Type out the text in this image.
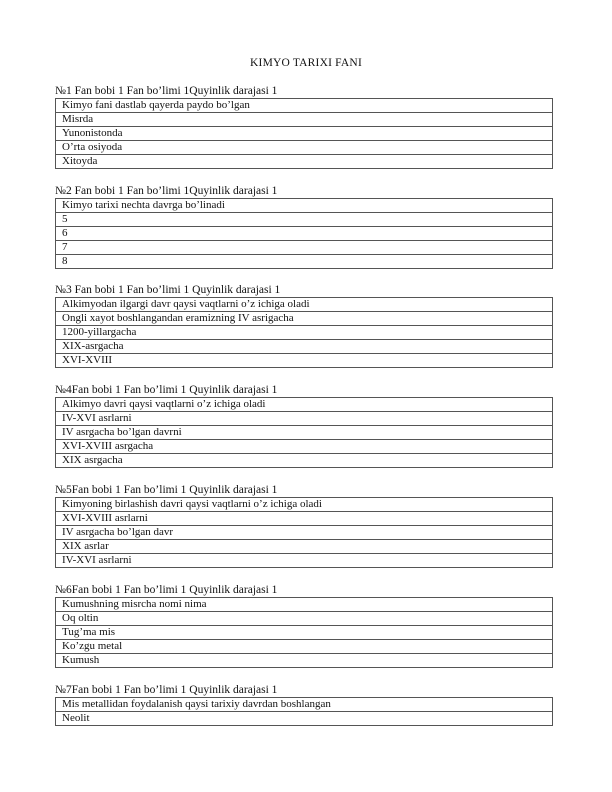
KIMYO TARIXI FANI
№1 Fan bobi 1 Fan bo’limi 1Quyinlik darajasi 1
Kimyo fani dastlab qayerda paydo bo’lgan
Misrda
Yunonistonda
O’rta osiyoda
Xitoyda
№2 Fan bobi 1 Fan bo’limi 1Quyinlik darajasi 1
Kimyo tarixi nechta davrga bo’linadi
5
6
7
8
№3 Fan bobi 1 Fan bo’limi 1 Quyinlik darajasi 1
Alkimyodan ilgargi davr qaysi vaqtlarni o’z ichiga oladi
Ongli xayot boshlangandan eramizning IV asrigacha
1200-yillargacha
XIX-asrgacha
XVI-XVIII
№4Fan bobi 1 Fan bo’limi 1 Quyinlik darajasi 1
Alkimyo davri qaysi vaqtlarni o’z ichiga oladi
IV-XVI asrlarni
IV asrgacha bo’lgan davrni
XVI-XVIII asrgacha
XIX asrgacha
№5Fan bobi 1 Fan bo’limi 1 Quyinlik darajasi 1
Kimyoning birlashish davri qaysi vaqtlarni o’z ichiga oladi
XVI-XVIII asrlarni
IV asrgacha bo’lgan davr
XIX asrlar
IV-XVI asrlarni
№6Fan bobi 1 Fan bo’limi 1 Quyinlik darajasi 1
Kumushning misrcha nomi nima
Oq oltin
Tug’ma mis
Ko’zgu metal
Kumush
№7Fan bobi 1 Fan bo’limi 1 Quyinlik darajasi 1
Mis metallidan foydalanish qaysi tarixiy davrdan boshlangan
Neolit
